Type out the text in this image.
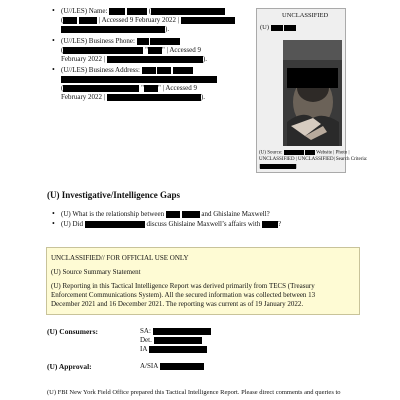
• (U//LES) Name:	(
(	| Accessed 9 February 2022 |
).
• (U//LES) Business Phone:
(	" " | Accessed 9
February 2022 |	).
• (U//LES) Business Address:
(	" " | Accessed 9
February 2022 |	).
UNCLASSIFIED
(U)
(U) Source:	Website | Photo |
UNCLASSIFIED | UNCLASSIFIED| Search Criteria:
|
(U) Investigative/Intelligence Gaps
• (U) What is the relationship between	and Ghislaine Maxwell?
• (U) Did	discuss Ghislaine Maxwell’s affairs with	?
UNCLASSIFIED// FOR OFFICIAL USE ONLY
(U) Source Summary Statement
(U) Reporting in this Tactical Intelligence Report was derived primarily from TECS (Treasury
Enforcement Communications System). All the secured information was collected between 13
December 2021 and 16 December 2021. The reporting was current as of 19 January 2022.
(U) Consumers:	SA:
Det.
IA
(U) Approval:	A/SIA
(U) FBI New York Field Office prepared this Tactical Intelligence Report. Please direct comments and queries to
